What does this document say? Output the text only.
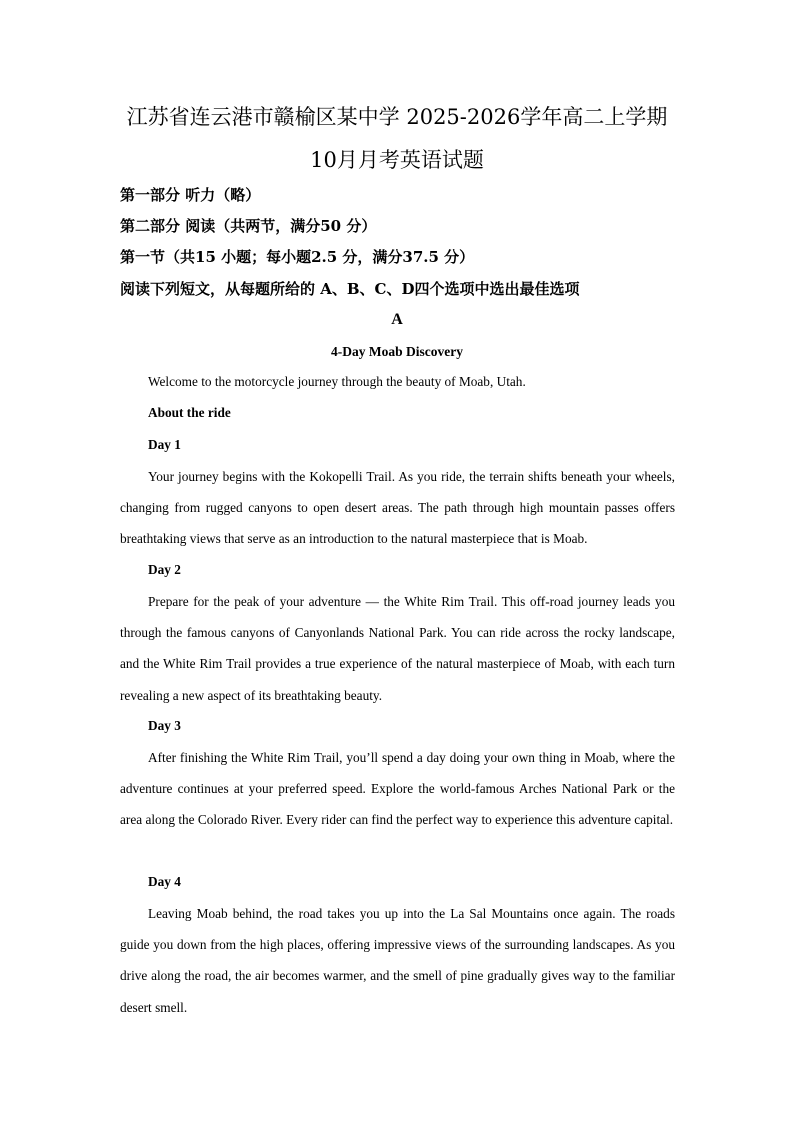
江苏省连云港市赣榆区某中学 2025-2026学年高二上学期
10月月考英语试题
第一部分 听力（略）
第二部分 阅读（共两节，满分50 分）
第一节（共15 小题；每小题2.5 分，满分37.5 分）
阅读下列短文，从每题所给的 A、B、C、D四个选项中选出最佳选项
A
4-Day Moab Discovery
Welcome to the motorcycle journey through the beauty of Moab, Utah.
About the ride
Day 1

Your journey begins with the Kokopelli Trail. As you ride, the terrain shifts beneath your wheels, changing from rugged canyons to open desert areas. The path through high mountain passes offers breathtaking views that serve as an introduction to the natural masterpiece that is Moab.

Day 2

Prepare for the peak of your adventure — the White Rim Trail. This off-road journey leads you through the famous canyons of Canyonlands National Park. You can ride across the rocky landscape, and the White Rim Trail provides a true experience of the natural masterpiece of Moab, with each turn revealing a new aspect of its breathtaking beauty.

Day 3

After finishing the White Rim Trail, you’ll spend a day doing your own thing in Moab, where the adventure continues at your preferred speed. Explore the world-famous Arches National Park or the area along the Colorado River. Every rider can find the perfect way to experience this adventure capital.

Day 4

Leaving Moab behind, the road takes you up into the La Sal Mountains once again. The roads guide you down from the high places, offering impressive views of the surrounding landscapes. As you drive along the road, the air becomes warmer, and the smell of pine gradually gives way to the familiar desert smell.
